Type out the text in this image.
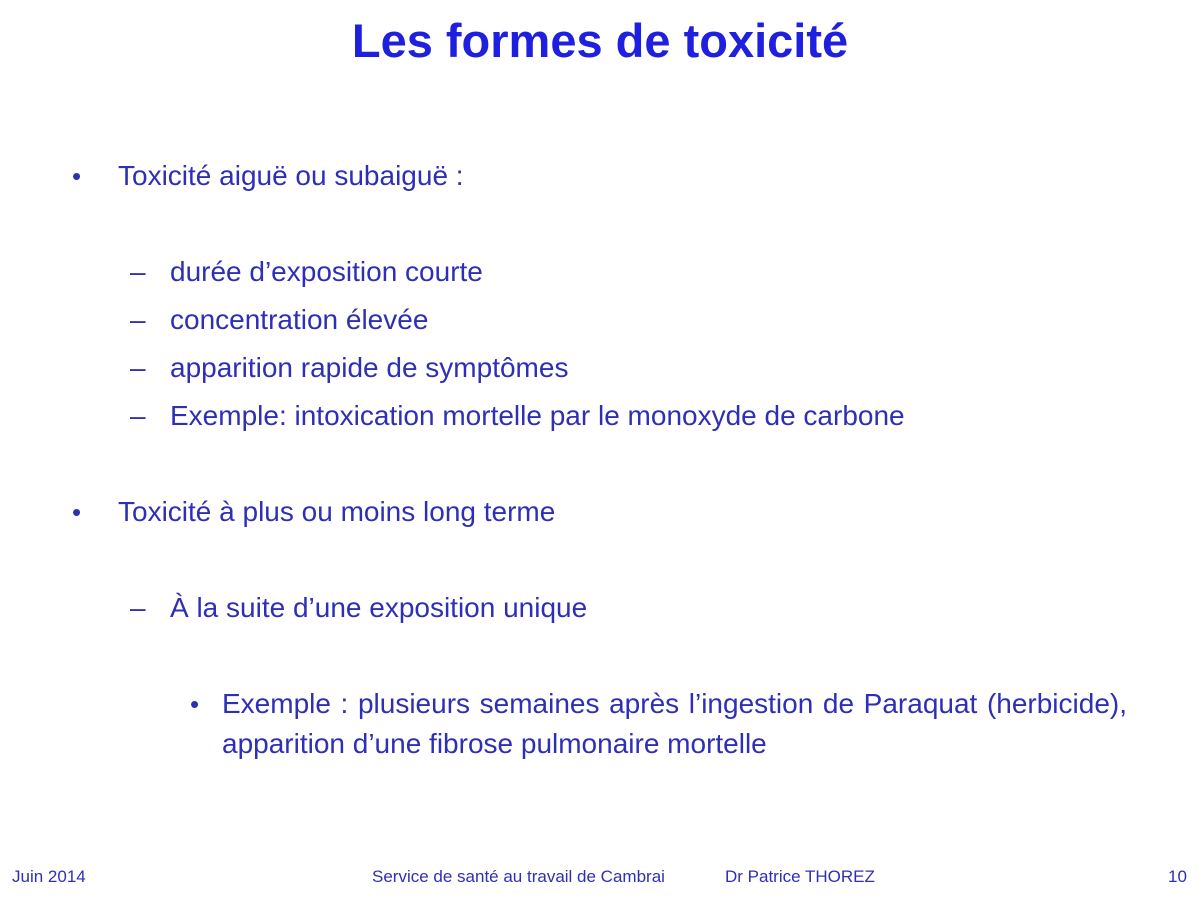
Les formes de toxicité
• Toxicité aiguë ou subaiguë :
– durée d’exposition courte
– concentration élevée
– apparition rapide de symptômes
– Exemple: intoxication mortelle par le monoxyde de carbone
• Toxicité à plus ou moins long terme
– À la suite d’une exposition unique
• Exemple : plusieurs semaines après l’ingestion de Paraquat (herbicide), apparition d’une fibrose pulmonaire mortelle
Juin 2014	Service de santé au travail de Cambrai	Dr Patrice THOREZ	10
